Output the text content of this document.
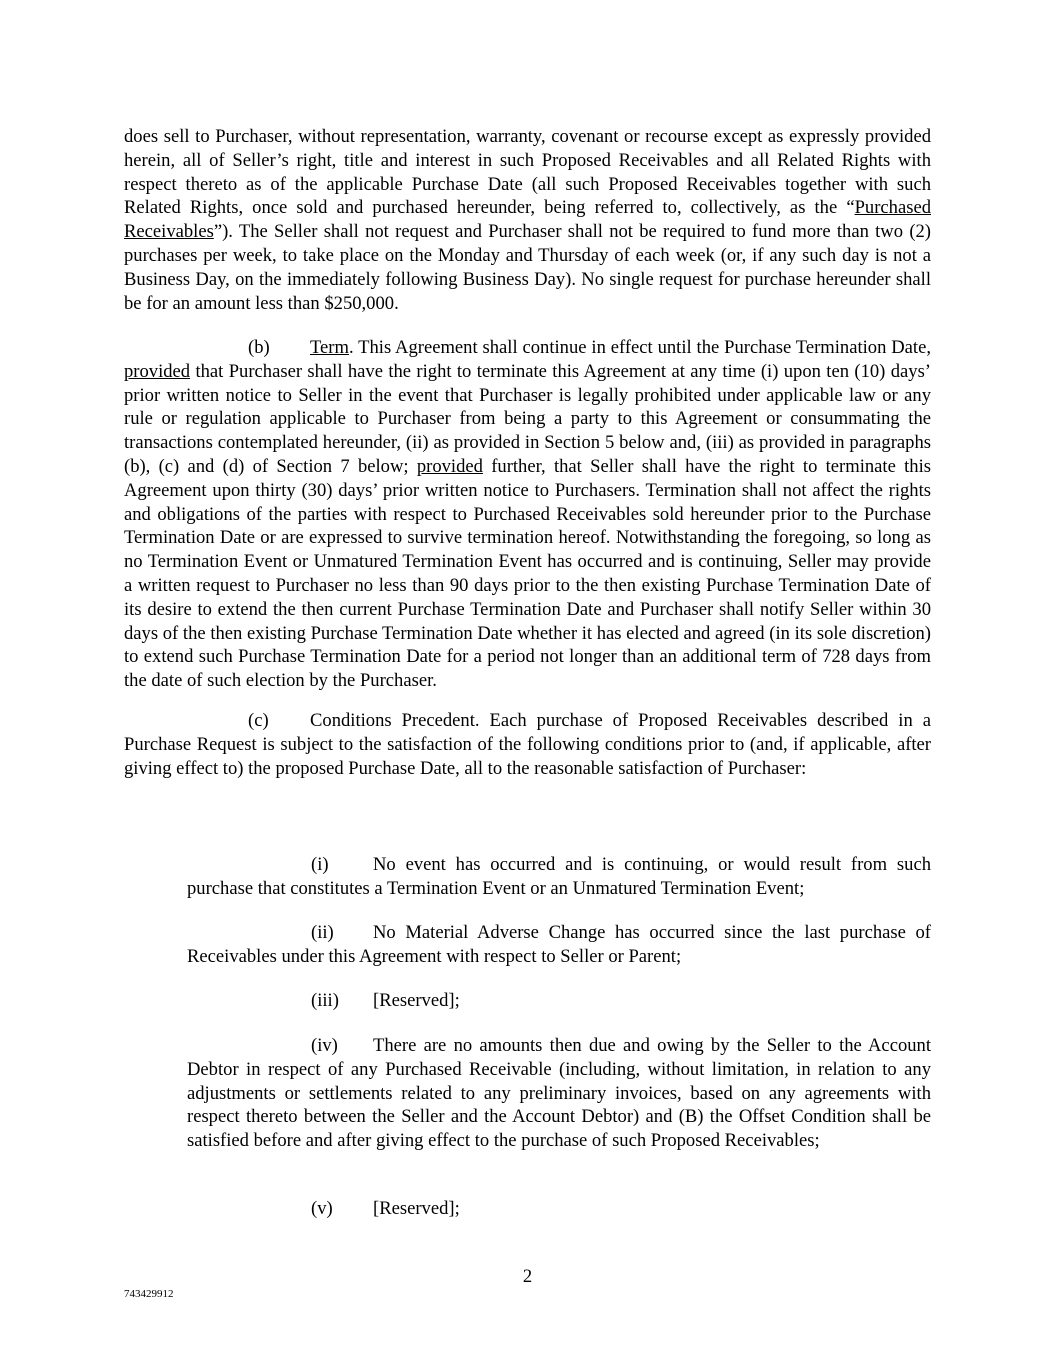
does sell to Purchaser, without representation, warranty, covenant or recourse except as expressly provided herein, all of Seller’s right, title and interest in such Proposed Receivables and all Related Rights with respect thereto as of the applicable Purchase Date (all such Proposed Receivables together with such Related Rights, once sold and purchased hereunder, being referred to, collectively, as the “Purchased Receivables”). The Seller shall not request and Purchaser shall not be required to fund more than two (2) purchases per week, to take place on the Monday and Thursday of each week (or, if any such day is not a Business Day, on the immediately following Business Day). No single request for purchase hereunder shall be for an amount less than $250,000.

(b) Term. This Agreement shall continue in effect until the Purchase Termination Date, provided that Purchaser shall have the right to terminate this Agreement at any time (i) upon ten (10) days’ prior written notice to Seller in the event that Purchaser is legally prohibited under applicable law or any rule or regulation applicable to Purchaser from being a party to this Agreement or consummating the transactions contemplated hereunder, (ii) as provided in Section 5 below and, (iii) as provided in paragraphs (b), (c) and (d) of Section 7 below; provided further, that Seller shall have the right to terminate this Agreement upon thirty (30) days’ prior written notice to Purchasers. Termination shall not affect the rights and obligations of the parties with respect to Purchased Receivables sold hereunder prior to the Purchase Termination Date or are expressed to survive termination hereof. Notwithstanding the foregoing, so long as no Termination Event or Unmatured Termination Event has occurred and is continuing, Seller may provide a written request to Purchaser no less than 90 days prior to the then existing Purchase Termination Date of its desire to extend the then current Purchase Termination Date and Purchaser shall notify Seller within 30 days of the then existing Purchase Termination Date whether it has elected and agreed (in its sole discretion) to extend such Purchase Termination Date for a period not longer than an additional term of 728 days from the date of such election by the Purchaser.

(c) Conditions Precedent. Each purchase of Proposed Receivables described in a Purchase Request is subject to the satisfaction of the following conditions prior to (and, if applicable, after giving effect to) the proposed Purchase Date, all to the reasonable satisfaction of Purchaser:

(i) No event has occurred and is continuing, or would result from such purchase that constitutes a Termination Event or an Unmatured Termination Event;

(ii) No Material Adverse Change has occurred since the last purchase of Receivables under this Agreement with respect to Seller or Parent;

(iii) [Reserved];

(iv) There are no amounts then due and owing by the Seller to the Account Debtor in respect of any Purchased Receivable (including, without limitation, in relation to any adjustments or settlements related to any preliminary invoices, based on any agreements with respect thereto between the Seller and the Account Debtor) and (B) the Offset Condition shall be satisfied before and after giving effect to the purchase of such Proposed Receivables;

(v) [Reserved];

2
743429912
